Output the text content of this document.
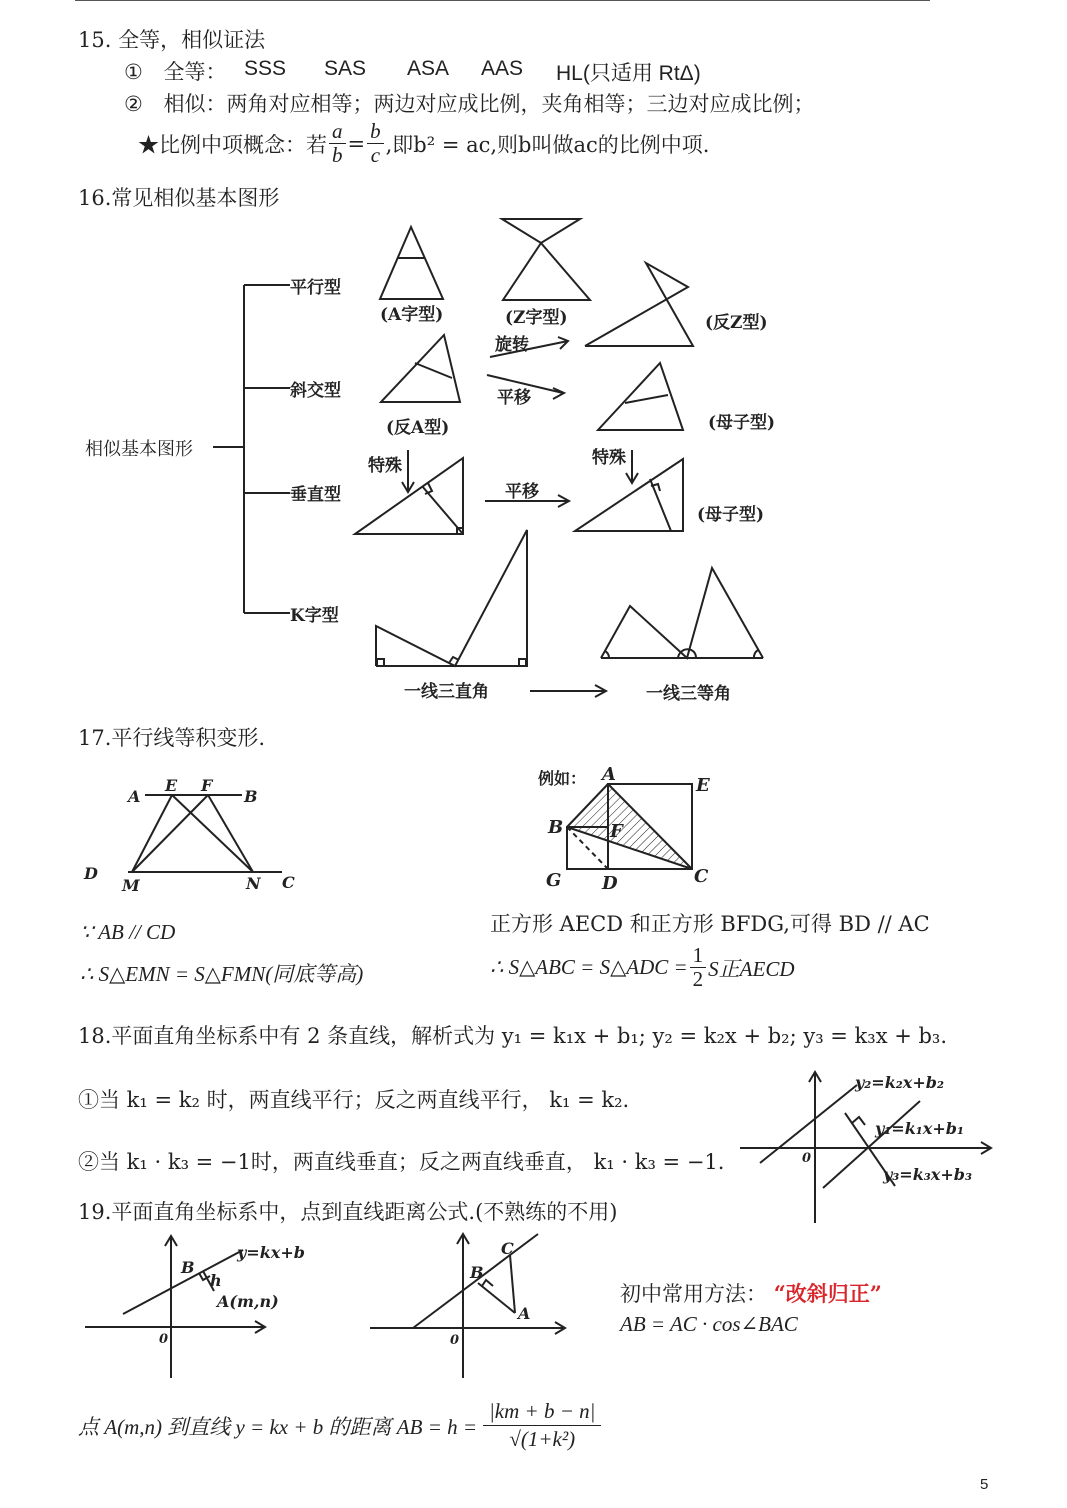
15. 全等，相似证法
① 全等： SSS SAS ASA AAS HL(只适用 RtΔ)
② 相似：两角对应相等；两边对应成比例，夹角相等；三边对应成比例；
★比例中项概念：若 $\frac{a}{b} = \frac{b}{c}$ ,即b² = ac,则b叫做ac的比例中项.
16.常见相似基本图形
相似基本图形
平行型
斜交型
垂直型
K字型
(A字型)	(Z字型)	(反Z型)
旋转
平移
(反A型)	(母子型)
特殊	特殊
平移
(母子型)
一线三直角	一线三等角
17.平行线等积变形.
A
E F
B
D
M	N C
∵ AB // CD
∴ S△EMN = S△FMN(同底等高)
例如： A
E
B	F
G D	C
正方形 AECD 和正方形 BFDG,可得 BD // AC
∴ S△ABC = S△ADC = $\frac{1}{2}$ S正AECD
18.平面直角坐标系中有 2 条直线，解析式为 y₁ = k₁x + b₁; y₂ = k₂x + b₂; y₃ = k₃x + b₃.
①当 k₁ = k₂ 时，两直线平行；反之两直线平行， k₁ = k₂.
②当 k₁ · k₃ = −1时，两直线垂直；反之两直线垂直， k₁ · k₃ = −1.
y₂=k₂x+b₂
y₁=k₁x+b₁
y₃=k₃x+b₃
0
19.平面直角坐标系中，点到直线距离公式.(不熟练的不用)
y=kx+b
B
h
A(m,n)
0
C
B
A
0
初中常用方法： “改斜归正”
AB = AC · cos∠BAC
点 A(m,n) 到直线 y = kx + b 的距离 AB = $h = \frac{|km + b - n|}{\text{√(1+k²)}}$
5
